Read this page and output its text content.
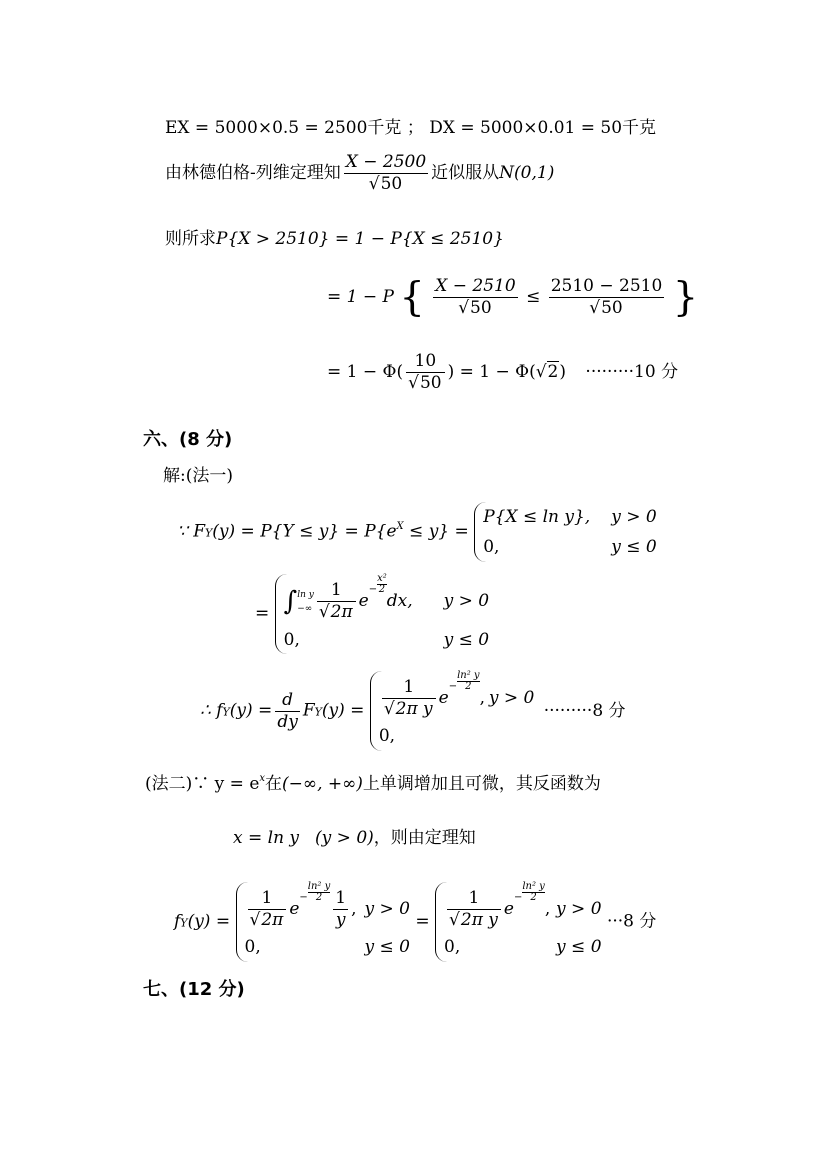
EX = 5000×0.5 = 2500千克 ； DX = 5000×0.01 = 50千克
由林德伯格-列维定理知 $\frac{X - 2500}{√50}$ 近似服从N(0,1)
则所求P{X > 2510} = 1 − P{X ≤ 2510}
= 1 − P { $\frac{X - 2510}{√50} \le \frac{2510 - 2510}{√50}$ }
= $1 - \Phi( \frac{10}{√50}$ ) = 1 − Φ(√2) ·········10 分
六、(8 分)
解:(法一)
∵ $FY(y) = P\{Y \le y\} = P\{e^X \le y\}$ =
P{X ≤ ln y}, y > 0
0,	y ≤ 0
= ∫ ln y
−∞ $\frac{1}{√2\pi} e- \frac{\text{x²}}{2}$
dx, y > 0
0,	y ≤ 0
∴ $fY(y) = \frac{d}{dy} FY(y) = \frac{1}{\text{√2π y}} e- \frac{\text{ln² y}}{2}$
, y > 0
0,
·········8 分
(法二)∵ $y = e^x$在(−∞, +∞)上单调增加且可微，其反函数为
x = ln y (y > 0)，则由定理知
$fY(y) = \frac{1}{√2\pi} e- \frac{\text{ln² y}}{2} \frac{1}{y}$ , y > 0
0,	y ≤ 0
= $\frac{1}{\text{√2π y}} e- \frac{\text{ln² y}}{2}$
, y > 0
0,	y ≤ 0
···8 分
七、(12 分)
